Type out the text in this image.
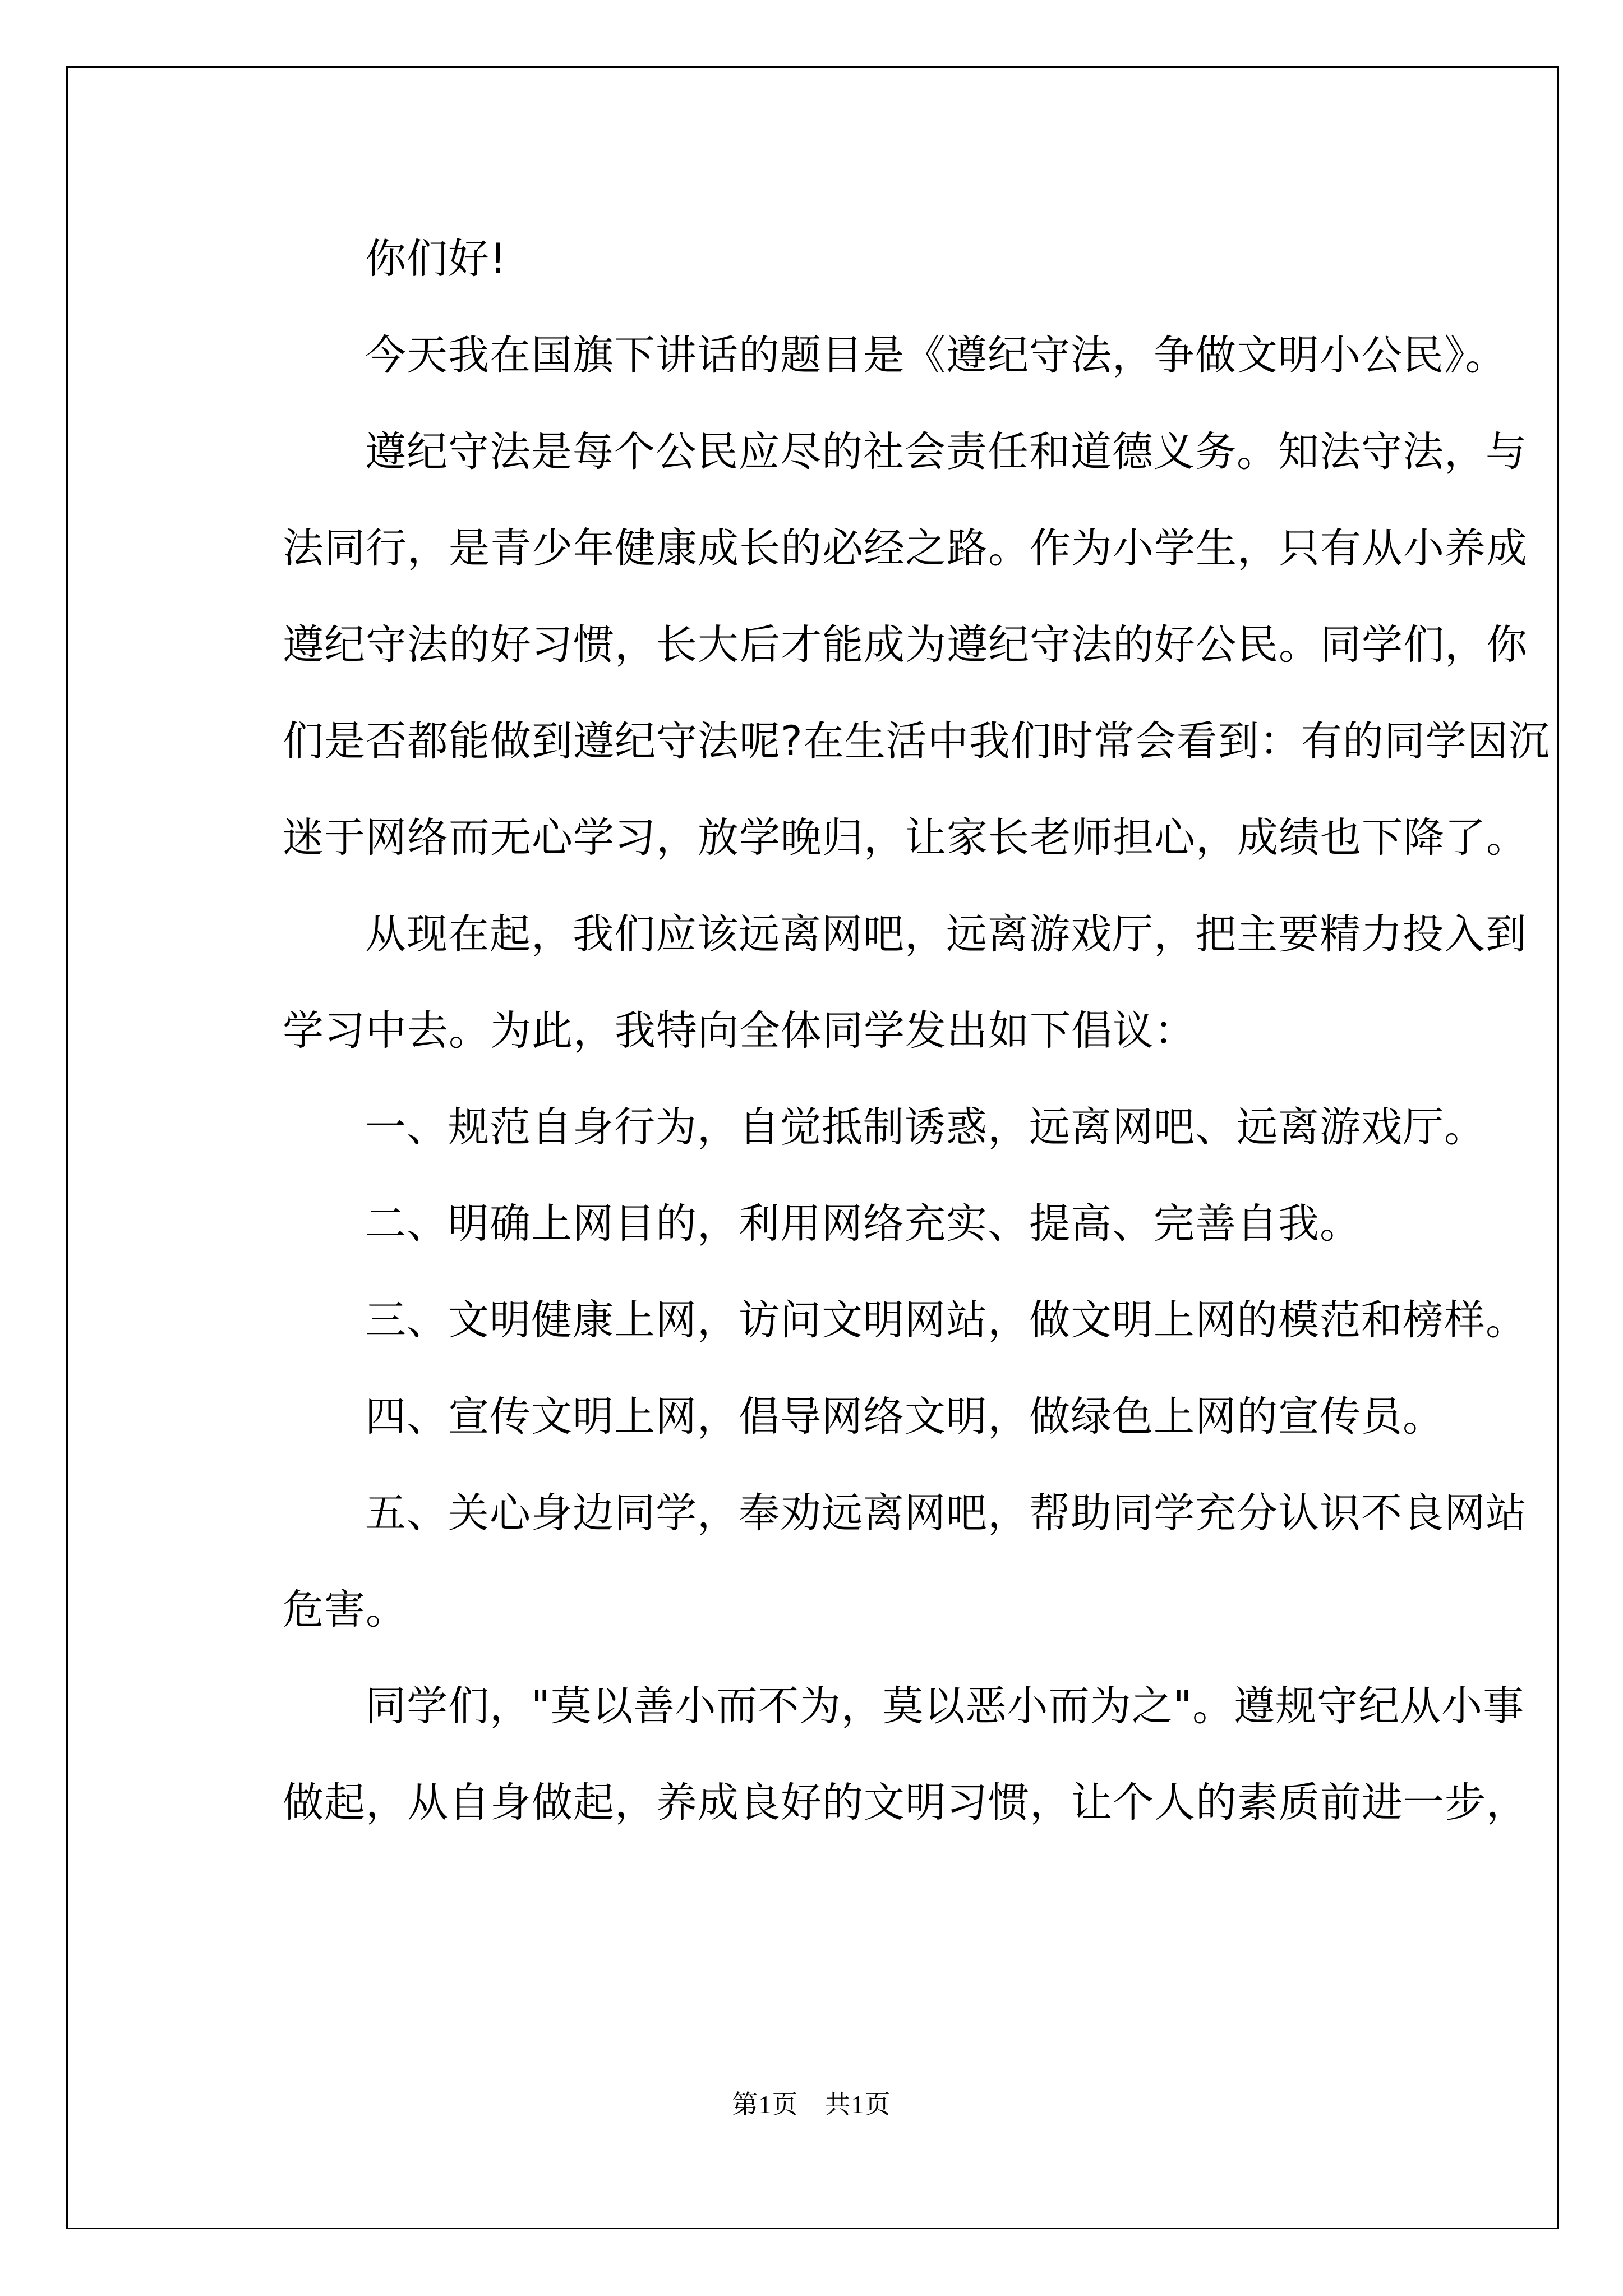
你们好!
今天我在国旗下讲话的题目是《遵纪守法，争做文明小公民》。
遵纪守法是每个公民应尽的社会责任和道德义务。知法守法，与
法同行，是青少年健康成长的必经之路。作为小学生，只有从小养成
遵纪守法的好习惯，长大后才能成为遵纪守法的好公民。同学们，你
们是否都能做到遵纪守法呢?在生活中我们时常会看到：有的同学因沉
迷于网络而无心学习，放学晚归，让家长老师担心，成绩也下降了。
从现在起，我们应该远离网吧，远离游戏厅，把主要精力投入到
学习中去。为此，我特向全体同学发出如下倡议：
一、规范自身行为，自觉抵制诱惑，远离网吧、远离游戏厅。
二、明确上网目的，利用网络充实、提高、完善自我。
三、文明健康上网，访问文明网站，做文明上网的模范和榜样。
四、宣传文明上网，倡导网络文明，做绿色上网的宣传员。
五、关心身边同学，奉劝远离网吧，帮助同学充分认识不良网站
危害。
同学们，"莫以善小而不为，莫以恶小而为之"。遵规守纪从小事
做起，从自身做起，养成良好的文明习惯，让个人的素质前进一步，
第1页　共1页
